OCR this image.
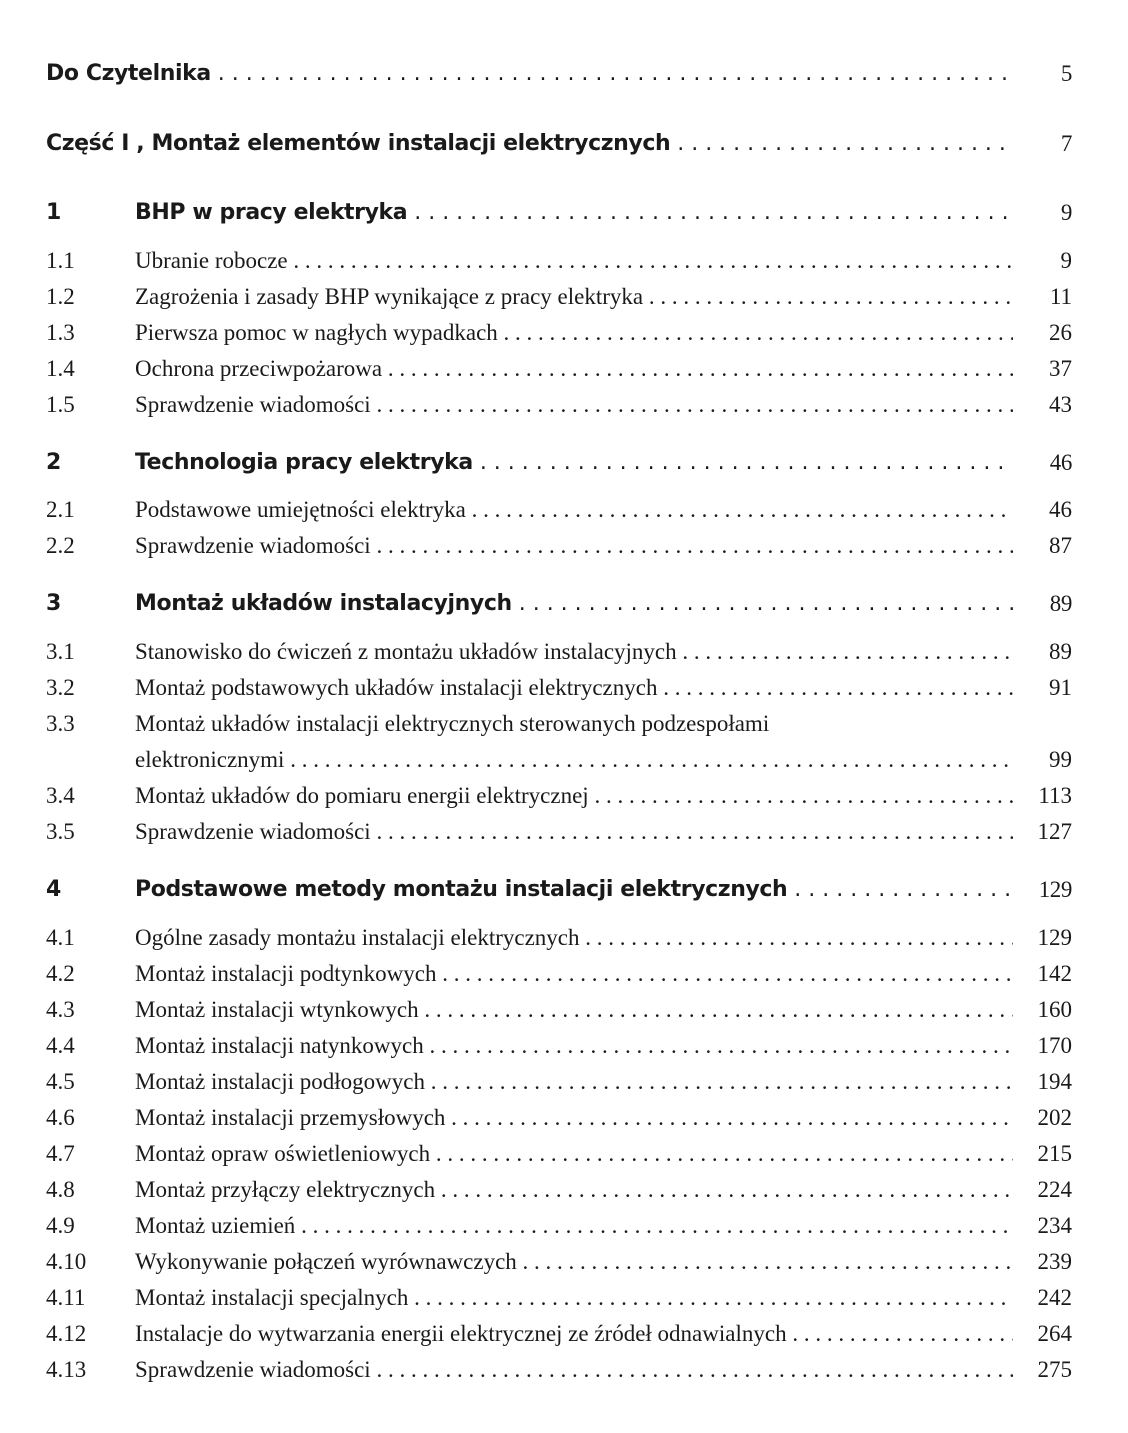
Do Czytelnika . . .	5
Część I , Montaż elementów instalacji elektrycznych . . .	7
1	BHP w pracy elektryka . . .	9
1.1	Ubranie robocze . . .	9
1.2	Zagrożenia i zasady BHP wynikające z pracy elektryka . . .	11
1.3	Pierwsza pomoc w nagłych wypadkach . . .	26
1.4	Ochrona przeciwpożarowa . . .	37
1.5	Sprawdzenie wiadomości . . .	43
2	Technologia pracy elektryka . . .	46
2.1	Podstawowe umiejętności elektryka . . .	46
2.2	Sprawdzenie wiadomości . . .	87
3	Montaż układów instalacyjnych . . .	89
3.1	Stanowisko do ćwiczeń z montażu układów instalacyjnych . . .	89
3.2	Montaż podstawowych układów instalacji elektrycznych . . .	91
3.3	Montaż układów instalacji elektrycznych sterowanych podzespołami
elektronicznymi . . .	99
3.4	Montaż układów do pomiaru energii elektrycznej . . .	113
3.5	Sprawdzenie wiadomości . . .	127
4	Podstawowe metody montażu instalacji elektrycznych . . .	129
4.1	Ogólne zasady montażu instalacji elektrycznych . . .	129
4.2	Montaż instalacji podtynkowych . . .	142
4.3	Montaż instalacji wtynkowych . . .	160
4.4	Montaż instalacji natynkowych . . .	170
4.5	Montaż instalacji podłogowych . . .	194
4.6	Montaż instalacji przemysłowych . . .	202
4.7	Montaż opraw oświetleniowych . . .	215
4.8	Montaż przyłączy elektrycznych . . .	224
4.9	Montaż uziemień . . .	234
4.10 Wykonywanie połączeń wyrównawczych . . .	239
4.11 Montaż instalacji specjalnych . . .	242
4.12 Instalacje do wytwarzania energii elektrycznej ze źródeł odnawialnych . . .	264
4.13 Sprawdzenie wiadomości . . .	275
